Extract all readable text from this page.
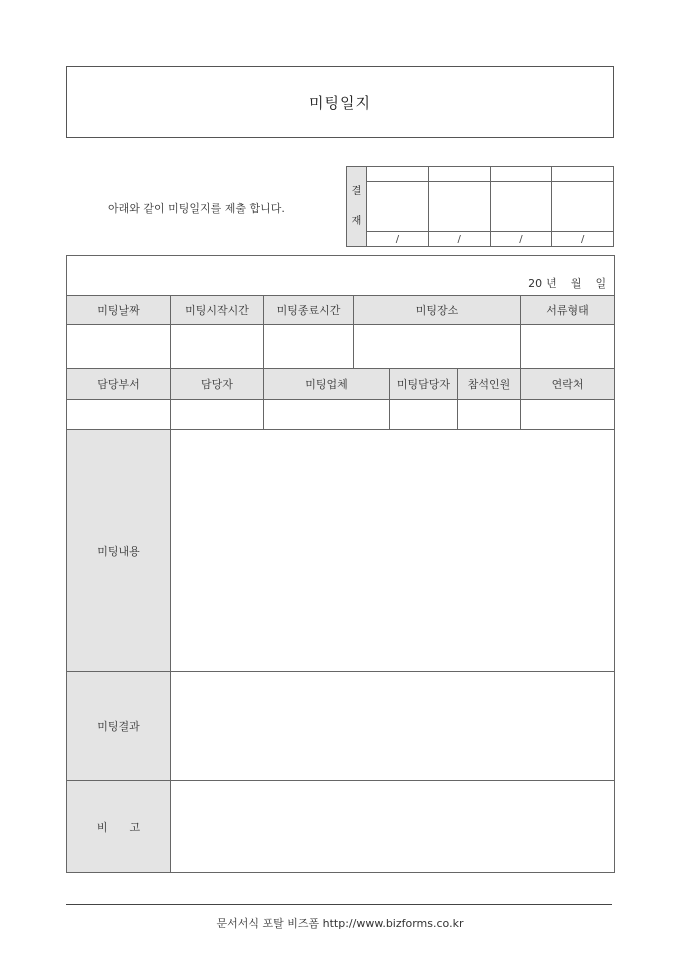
미팅일지
아래와 같이 미팅일지를 제출 합니다.
결
재				

	/	/	/	/
20 년 월 일						
미팅날짜	미팅시작시간	미팅종료시간	미팅장소			서류형태

담당부서	담당자	미팅업체		미팅담당자	참석인원	연락처

미팅내용						
미팅결과						
비　　고						
문서서식 포탈 비즈폼 http://www.bizforms.co.kr
